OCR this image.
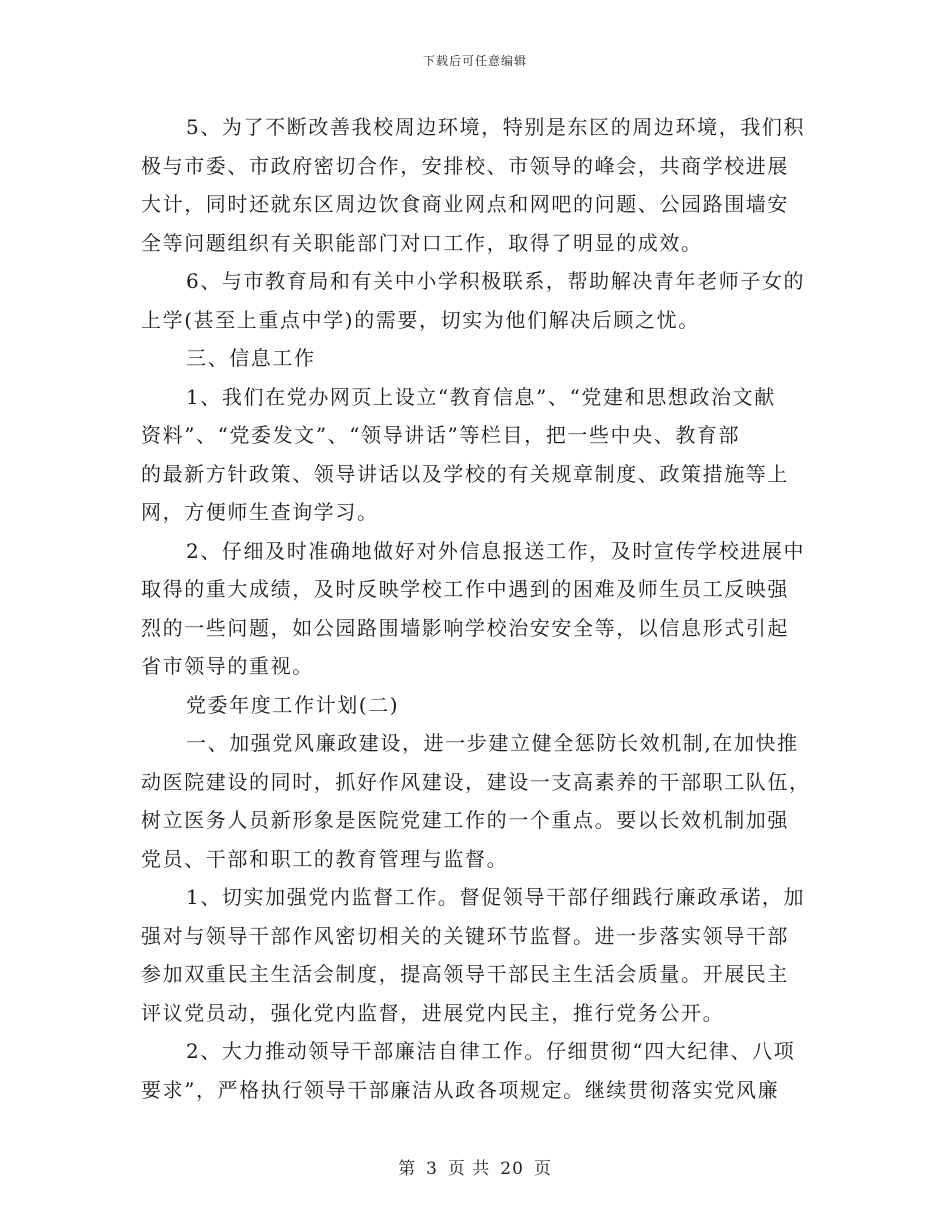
下载后可任意编辑
5、为了不断改善我校周边环境，特别是东区的周边环境，我们积
极与市委、市政府密切合作，安排校、市领导的峰会，共商学校进展
大计，同时还就东区周边饮食商业网点和网吧的问题、公园路围墙安
全等问题组织有关职能部门对口工作，取得了明显的成效。
6、与市教育局和有关中小学积极联系，帮助解决青年老师子女的
上学(甚至上重点中学)的需要，切实为他们解决后顾之忧。
三、信息工作
1、我们在党办网页上设立“教育信息”、“党建和思想政治文献
资料”、“党委发文”、“领导讲话”等栏目，把一些中央、教育部
的最新方针政策、领导讲话以及学校的有关规章制度、政策措施等上
网，方便师生查询学习。
2、仔细及时准确地做好对外信息报送工作，及时宣传学校进展中
取得的重大成绩，及时反映学校工作中遇到的困难及师生员工反映强
烈的一些问题，如公园路围墙影响学校治安安全等，以信息形式引起
省市领导的重视。
党委年度工作计划(二)
一、加强党风廉政建设，进一步建立健全惩防长效机制,在加快推
动医院建设的同时，抓好作风建设，建设一支高素养的干部职工队伍，
树立医务人员新形象是医院党建工作的一个重点。要以长效机制加强
党员、干部和职工的教育管理与监督。
1、切实加强党内监督工作。督促领导干部仔细践行廉政承诺，加
强对与领导干部作风密切相关的关键环节监督。进一步落实领导干部
参加双重民主生活会制度，提高领导干部民主生活会质量。开展民主
评议党员动，强化党内监督，进展党内民主，推行党务公开。
2、大力推动领导干部廉洁自律工作。仔细贯彻“四大纪律、八项
要求”，严格执行领导干部廉洁从政各项规定。继续贯彻落实党风廉
第 3 页 共 20 页
